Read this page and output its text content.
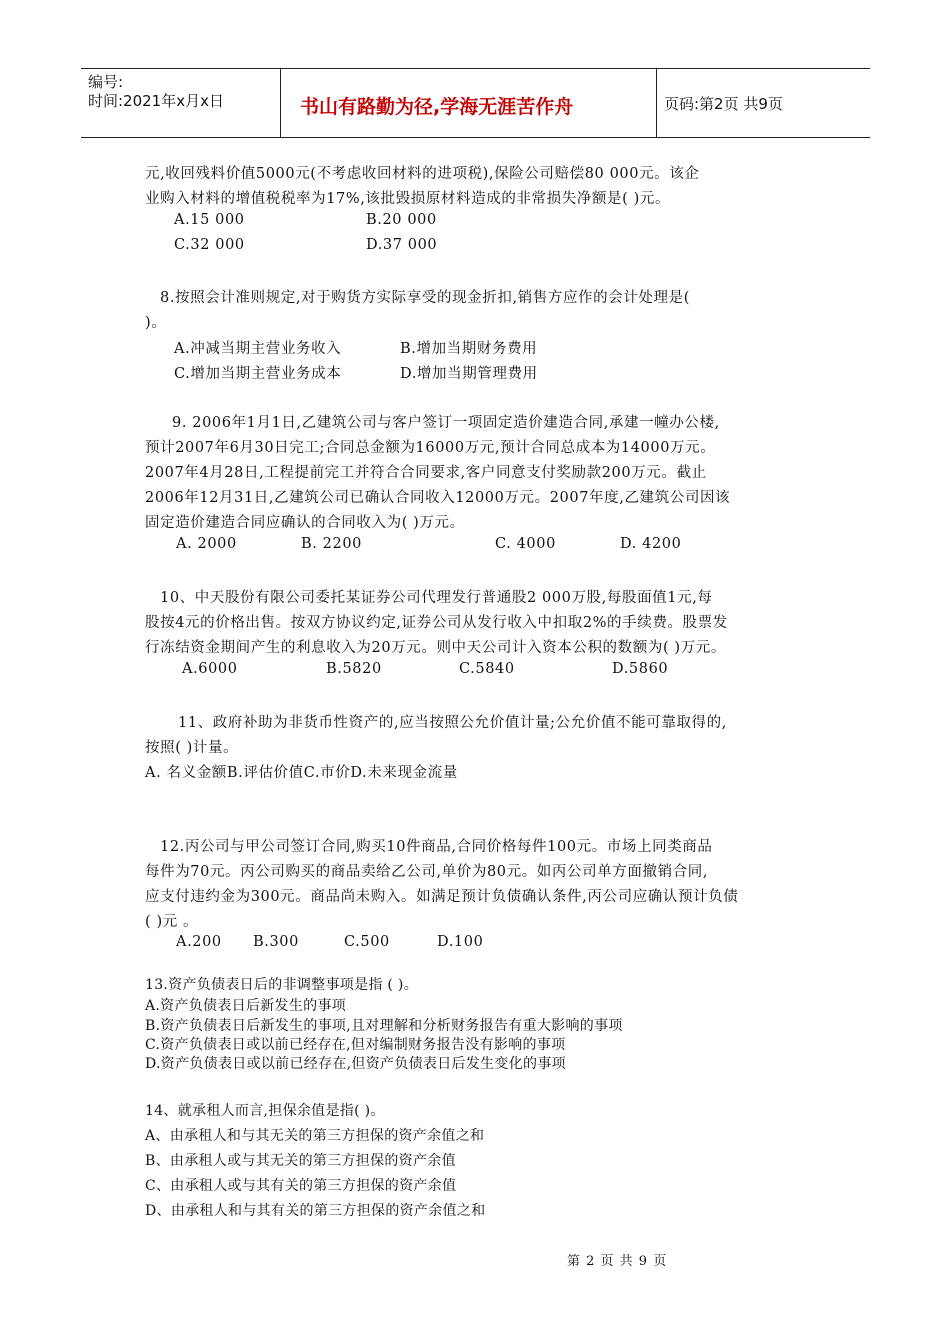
编号:
时间:2021年x月x日	书山有路勤为径,学海无涯苦作舟	页码:第2页 共9页
元,收回残料价值5000元(不考虑收回材料的进项税),保险公司赔偿80 000元。该企
业购入材料的增值税税率为17%,该批毁损原材料造成的非常损失净额是( )元。
A.15 000	B.20 000
C.32 000	D.37 000
8.按照会计准则规定,对于购货方实际享受的现金折扣,销售方应作的会计处理是(
)。
A.冲减当期主营业务收入	B.增加当期财务费用
C.增加当期主营业务成本	D.增加当期管理费用
9. 2006年1月1日,乙建筑公司与客户签订一项固定造价建造合同,承建一幢办公楼,
预计2007年6月30日完工;合同总金额为16000万元,预计合同总成本为14000万元。
2007年4月28日,工程提前完工并符合合同要求,客户同意支付奖励款200万元。截止
2006年12月31日,乙建筑公司已确认合同收入12000万元。2007年度,乙建筑公司因该
固定造价建造合同应确认的合同收入为( )万元。
A. 2000	B. 2200	C. 4000	D. 4200
10、中天股份有限公司委托某证券公司代理发行普通股2 000万股,每股面值1元,每
股按4元的价格出售。按双方协议约定,证券公司从发行收入中扣取2%的手续费。股票发
行冻结资金期间产生的利息收入为20万元。则中天公司计入资本公积的数额为( )万元。
A.6000	B.5820	C.5840	D.5860
11、政府补助为非货币性资产的,应当按照公允价值计量;公允价值不能可靠取得的,
按照( )计量。
A. 名义金额B.评估价值C.市价D.未来现金流量
12.丙公司与甲公司签订合同,购买10件商品,合同价格每件100元。市场上同类商品
每件为70元。丙公司购买的商品卖给乙公司,单价为80元。如丙公司单方面撤销合同,
应支付违约金为300元。商品尚未购入。如满足预计负债确认条件,丙公司应确认预计负债
( )元 。
A.200 B.300	C.500	D.100
13.资产负债表日后的非调整事项是指 ( )。
A.资产负债表日后新发生的事项
B.资产负债表日后新发生的事项,且对理解和分析财务报告有重大影响的事项
C.资产负债表日或以前已经存在,但对编制财务报告没有影响的事项
D.资产负债表日或以前已经存在,但资产负债表日后发生变化的事项
14、就承租人而言,担保余值是指( )。
A、由承租人和与其无关的第三方担保的资产余值之和
B、由承租人或与其无关的第三方担保的资产余值
C、由承租人或与其有关的第三方担保的资产余值
D、由承租人和与其有关的第三方担保的资产余值之和
第 2 页 共 9 页
